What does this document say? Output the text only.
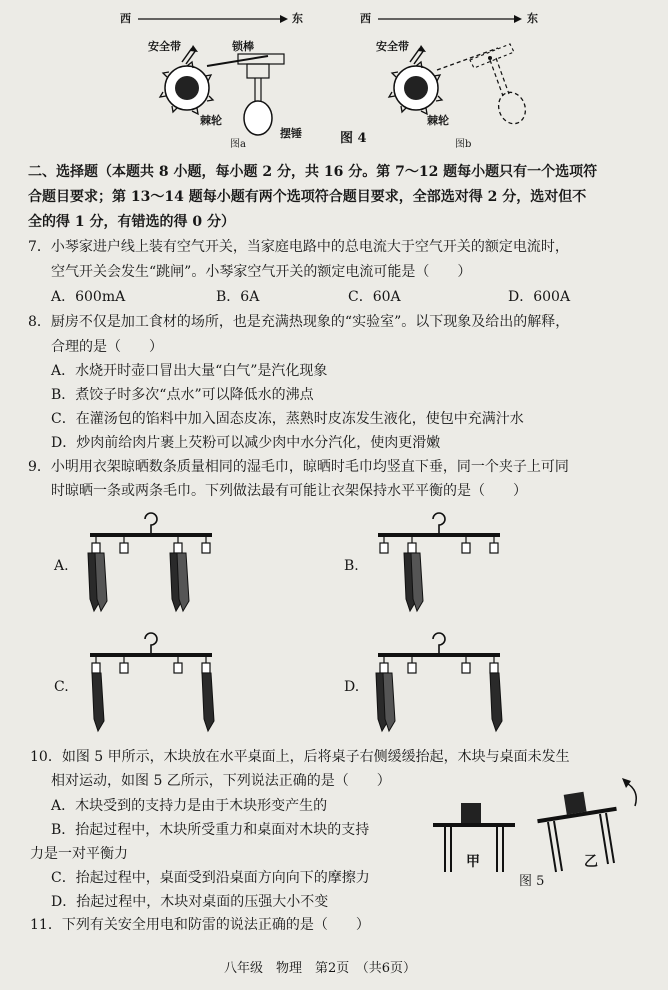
西	东
安全带	锁棒
棘轮
摆锤
图a
西	东
安全带
棘轮
图b
图 4
二、选择题（本题共 8 小题，每小题 2 分，共 16 分。第 7～12 题每小题只有一个选项符
合题目要求；第 13～14 题每小题有两个选项符合题目要求，全部选对得 2 分，选对但不
全的得 1 分，有错选的得 0 分）
7．小琴家进户线上装有空气开关，当家庭电路中的总电流大于空气开关的额定电流时，
空气开关会发生“跳闸”。小琴家空气开关的额定电流可能是（　　）
A．600mA	B．6A	C．60A	D．600A
8．厨房不仅是加工食材的场所，也是充满热现象的“实验室”。以下现象及给出的解释，
合理的是（　　）
A．水烧开时壶口冒出大量“白气”是汽化现象
B．煮饺子时多次“点水”可以降低水的沸点
C．在灌汤包的馅料中加入固态皮冻，蒸熟时皮冻发生液化，使包中充满汁水
D．炒肉前给肉片裹上芡粉可以减少肉中水分汽化，使肉更滑嫩
9．小明用衣架晾晒数条质量相同的湿毛巾，晾晒时毛巾均竖直下垂，同一个夹子上可同
时晾晒一条或两条毛巾。下列做法最有可能让衣架保持水平平衡的是（　　）
A.	B.
C.	D.
10．如图 5 甲所示，木块放在水平桌面上，后将桌子右侧缓缓抬起，木块与桌面未发生
相对运动，如图 5 乙所示，下列说法正确的是（　　）
A．木块受到的支持力是由于木块形变产生的
B．抬起过程中，木块所受重力和桌面对木块的支持
力是一对平衡力
C．抬起过程中，桌面受到沿桌面方向向下的摩擦力
D．抬起过程中，木块对桌面的压强大小不变
甲	乙
图 5
11．下列有关安全用电和防雷的说法正确的是（　　）
八年级　物理　第2页　（共6页）
